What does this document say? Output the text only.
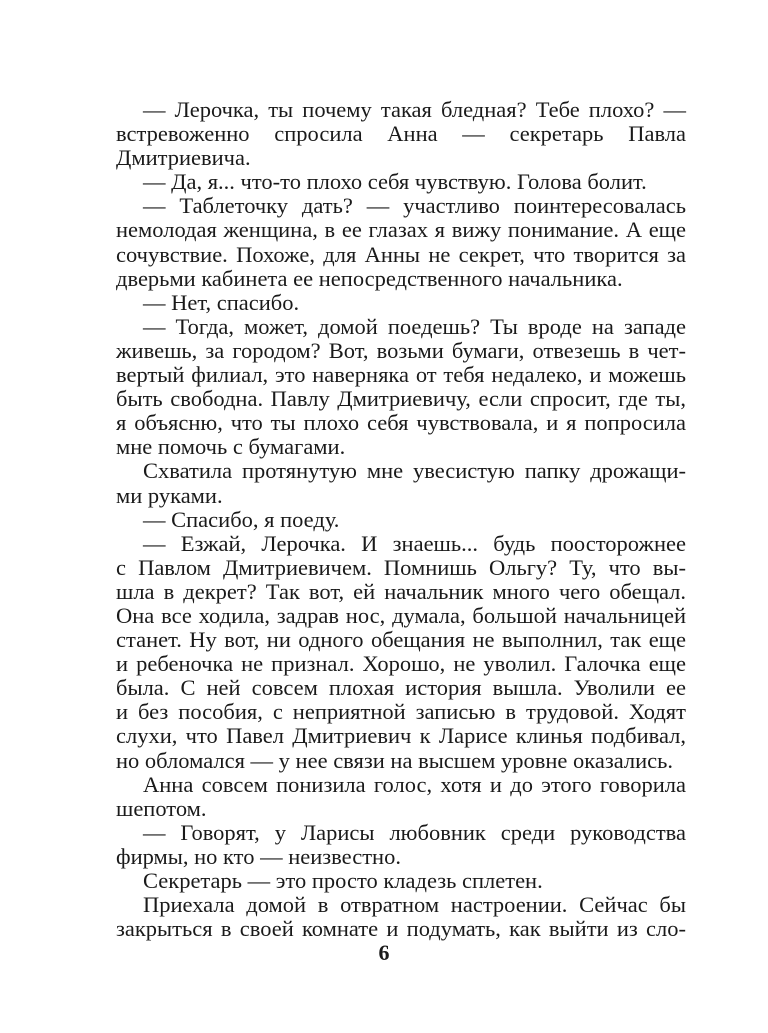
— Лерочка, ты почему такая бледная? Тебе плохо? —
встревоженно спросила Анна — секретарь Павла
Дмитриевича.

— Да, я... что-то плохо себя чувствую. Голова болит.

— Таблеточку дать? — участливо поинтересовалась
немолодая женщина, в ее глазах я вижу понимание. А еще
сочувствие. Похоже, для Анны не секрет, что творится за
дверьми кабинета ее непосредственного начальника.

— Нет, спасибо.

— Тогда, может, домой поедешь? Ты вроде на западе
живешь, за городом? Вот, возьми бумаги, отвезешь в чет-
вертый филиал, это наверняка от тебя недалеко, и можешь
быть свободна. Павлу Дмитриевичу, если спросит, где ты,
я объясню, что ты плохо себя чувствовала, и я попросила
мне помочь с бумагами.

Схватила протянутую мне увесистую папку дрожащи-
ми руками.

— Спасибо, я поеду.

— Езжай, Лерочка. И знаешь... будь поосторожнее
с Павлом Дмитриевичем. Помнишь Ольгу? Ту, что вы-
шла в декрет? Так вот, ей начальник много чего обещал.
Она все ходила, задрав нос, думала, большой начальницей
станет. Ну вот, ни одного обещания не выполнил, так еще
и ребеночка не признал. Хорошо, не уволил. Галочка еще
была. С ней совсем плохая история вышла. Уволили ее
и без пособия, с неприятной записью в трудовой. Ходят
слухи, что Павел Дмитриевич к Ларисе клинья подбивал,
но обломался — у нее связи на высшем уровне оказались.

Анна совсем понизила голос, хотя и до этого говорила
шепотом.

— Говорят, у Ларисы любовник среди руководства
фирмы, но кто — неизвестно.

Секретарь — это просто кладезь сплетен.

Приехала домой в отвратном настроении. Сейчас бы
закрыться в своей комнате и подумать, как выйти из сло-

6
